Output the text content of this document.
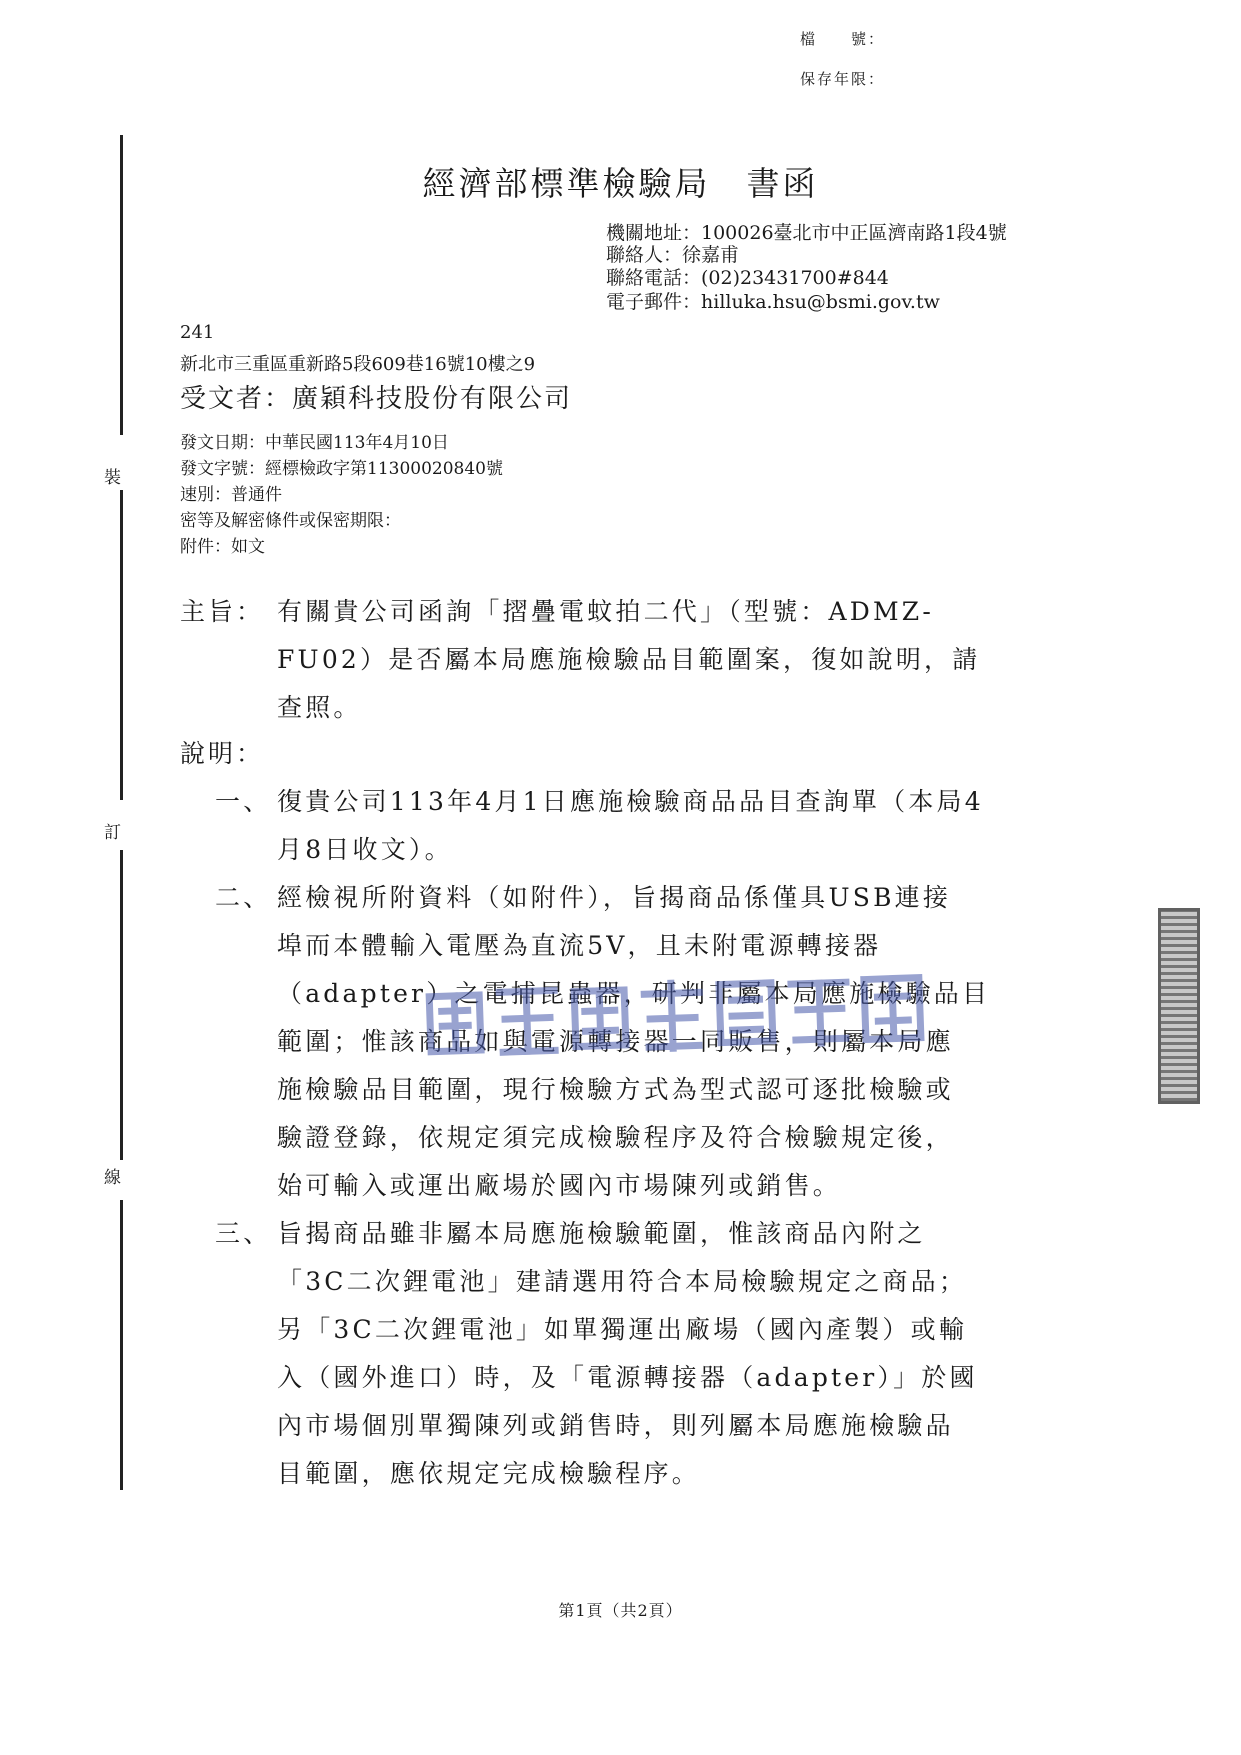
檔　　號：
保存年限：
裝
訂
線
經濟部標準檢驗局　書函
機關地址：100026臺北市中正區濟南路1段4號
聯絡人：徐嘉甫
聯絡電話：(02)23431700#844
電子郵件：hilluka.hsu@bsmi.gov.tw
241
新北市三重區重新路5段609巷16號10樓之9
受文者：廣穎科技股份有限公司
發文日期：中華民國113年4月10日
發文字號：經標檢政字第11300020840號
速別：普通件
密等及解密條件或保密期限：
附件：如文
主旨： 有關貴公司函詢「摺疊電蚊拍二代」（型號：ADMZ-
FU02）是否屬本局應施檢驗品目範圍案，復如說明，請
查照。
說明：
一、 復貴公司113年4月1日應施檢驗商品品目查詢單（本局4
月8日收文）。
二、 經檢視所附資料（如附件），旨揭商品係僅具USB連接
埠而本體輸入電壓為直流5V，且未附電源轉接器
（adapter）之電捕昆蟲器，研判非屬本局應施檢驗品目
範圍；惟該商品如與電源轉接器一同販售，則屬本局應
施檢驗品目範圍，現行檢驗方式為型式認可逐批檢驗或
驗證登錄，依規定須完成檢驗程序及符合檢驗規定後，
始可輸入或運出廠場於國內市場陳列或銷售。
三、 旨揭商品雖非屬本局應施檢驗範圍，惟該商品內附之
「3C二次鋰電池」建請選用符合本局檢驗規定之商品；
另「3C二次鋰電池」如單獨運出廠場（國內產製）或輸
入（國外進口）時，及「電源轉接器（adapter）」於國
內市場個別單獨陳列或銷售時，則列屬本局應施檢驗品
目範圍，應依規定完成檢驗程序。
第1頁（共2頁）
